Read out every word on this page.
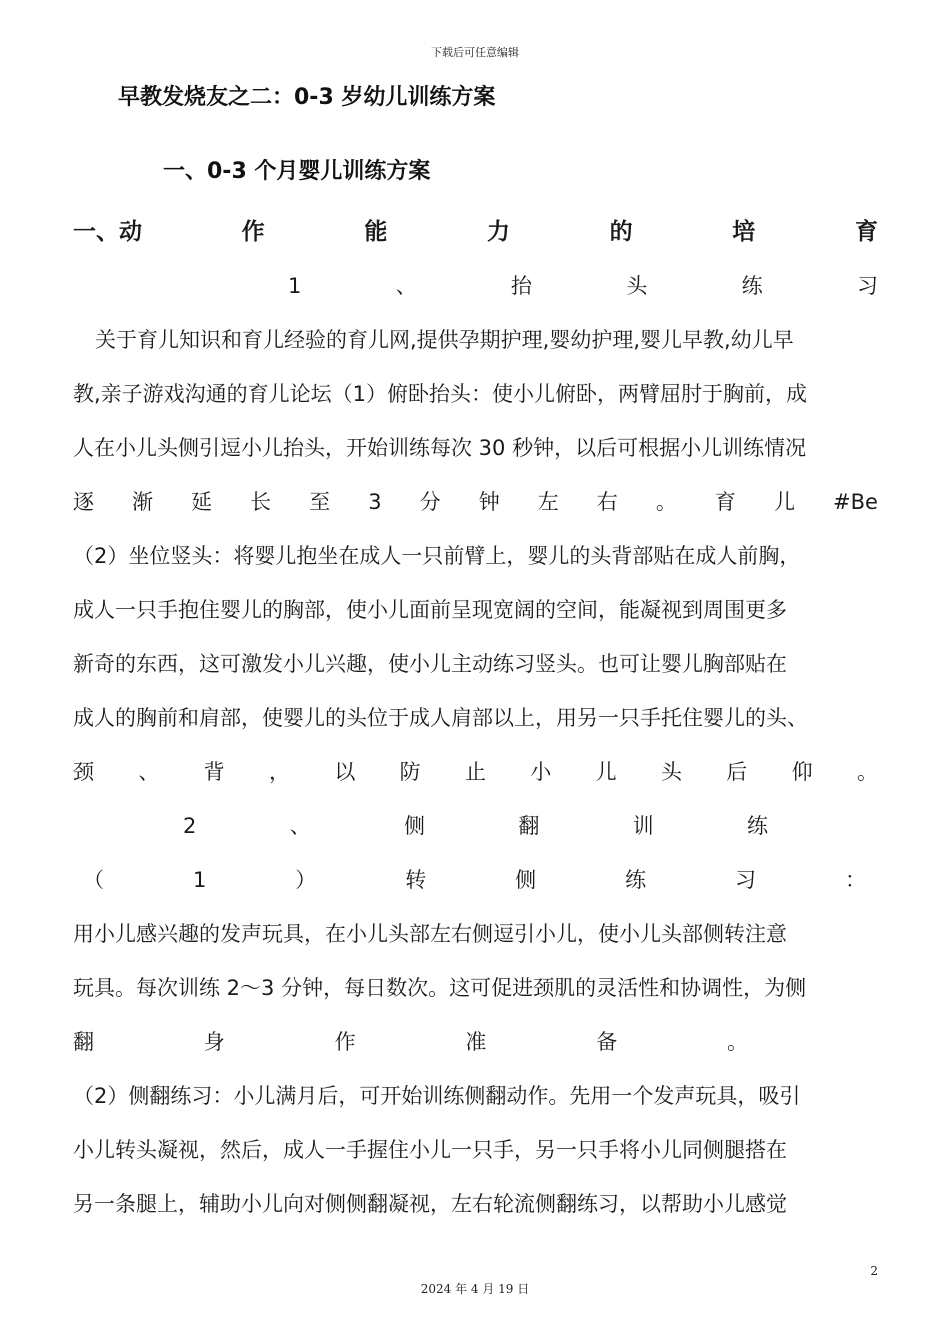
下载后可任意编辑
早教发烧友之二：0-3 岁幼儿训练方案
一、0-3 个月婴儿训练方案
一、动	作	能	力	的	培	育
1	、	抬	头	练	习
关于育儿知识和育儿经验的育儿网,提供孕期护理,婴幼护理,婴儿早教,幼儿早
教,亲子游戏沟通的育儿论坛（1）俯卧抬头：使小儿俯卧，两臂屈肘于胸前，成
人在小儿头侧引逗小儿抬头，开始训练每次 30 秒钟，以后可根据小儿训练情况
逐 渐 延 长 至 3 分 钟 左 右 。 育 儿 #Be
（2）坐位竖头：将婴儿抱坐在成人一只前臂上，婴儿的头背部贴在成人前胸，
成人一只手抱住婴儿的胸部，使小儿面前呈现宽阔的空间，能凝视到周围更多
新奇的东西，这可激发小儿兴趣，使小儿主动练习竖头。也可让婴儿胸部贴在
成人的胸前和肩部，使婴儿的头位于成人肩部以上，用另一只手托住婴儿的头、
颈 、 背 ， 以 防 止 小 儿 头 后 仰 。
2	、	侧	翻	训	练
（	1	）	转	侧	练	习	：
用小儿感兴趣的发声玩具，在小儿头部左右侧逗引小儿，使小儿头部侧转注意
玩具。每次训练 2～3 分钟，每日数次。这可促进颈肌的灵活性和协调性，为侧
翻	身	作	准	备	。
（2）侧翻练习：小儿满月后，可开始训练侧翻动作。先用一个发声玩具，吸引
小儿转头凝视，然后，成人一手握住小儿一只手，另一只手将小儿同侧腿搭在
另一条腿上，辅助小儿向对侧侧翻凝视，左右轮流侧翻练习，以帮助小儿感觉
2
2024 年 4 月 19 日
